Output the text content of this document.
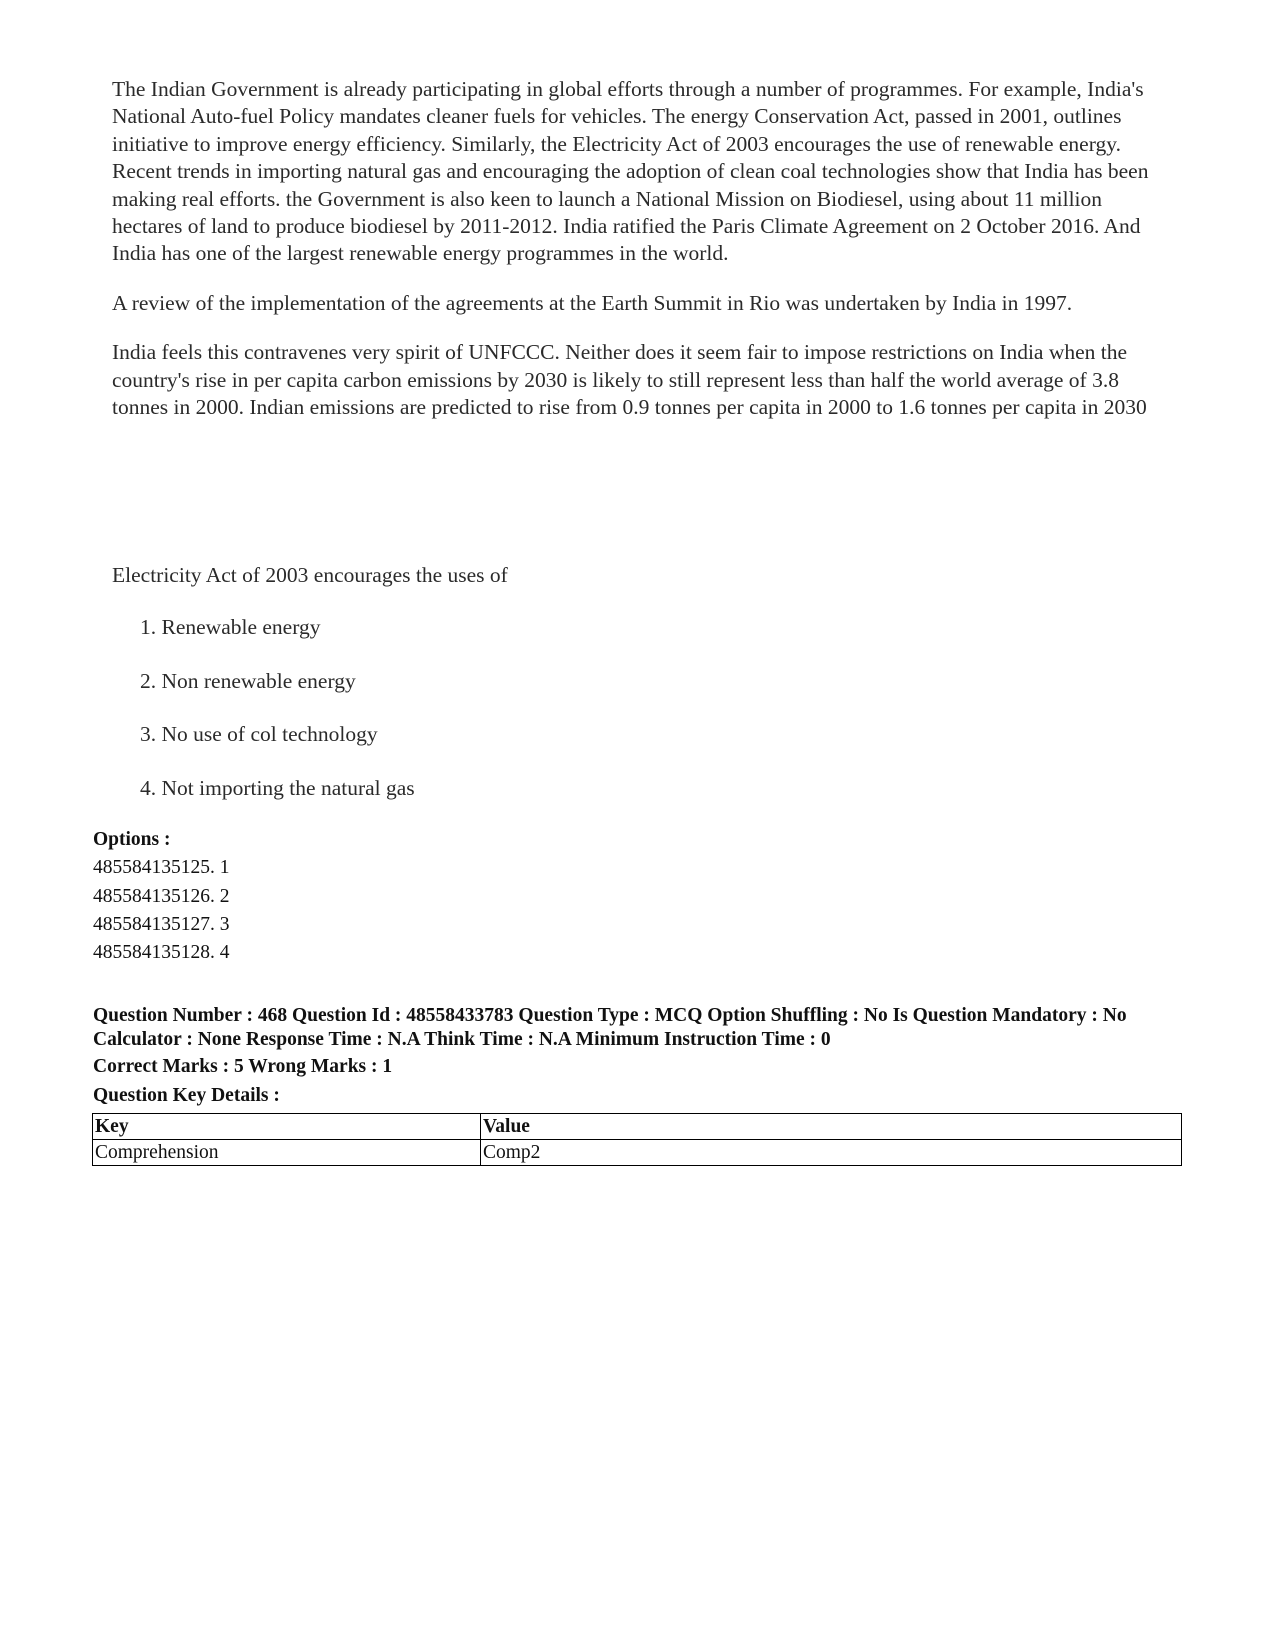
The Indian Government is already participating in global efforts through a number of programmes. For example, India's National Auto-fuel Policy mandates cleaner fuels for vehicles. The energy Conservation Act, passed in 2001, outlines initiative to improve energy efficiency. Similarly, the Electricity Act of 2003 encourages the use of renewable energy. Recent trends in importing natural gas and encouraging the adoption of clean coal technologies show that India has been making real efforts. the Government is also keen to launch a National Mission on Biodiesel, using about 11 million hectares of land to produce biodiesel by 2011-2012. India ratified the Paris Climate Agreement on 2 October 2016. And India has one of the largest renewable energy programmes in the world.

A review of the implementation of the agreements at the Earth Summit in Rio was undertaken by India in 1997.

India feels this contravenes very spirit of UNFCCC. Neither does it seem fair to impose restrictions on India when the country's rise in per capita carbon emissions by 2030 is likely to still represent less than half the world average of 3.8 tonnes in 2000. Indian emissions are predicted to rise from 0.9 tonnes per capita in 2000 to 1.6 tonnes per capita in 2030

Electricity Act of 2003 encourages the uses of
1. Renewable energy
2. Non renewable energy
3. No use of col technology
4. Not importing the natural gas
Options :
485584135125. 1
485584135126. 2
485584135127. 3
485584135128. 4
Question Number : 468 Question Id : 48558433783 Question Type : MCQ Option Shuffling : No Is Question Mandatory : No Calculator : None Response Time : N.A Think Time : N.A Minimum Instruction Time : 0
Correct Marks : 5 Wrong Marks : 1
Question Key Details :
Key	Value
Comprehension	Comp2
